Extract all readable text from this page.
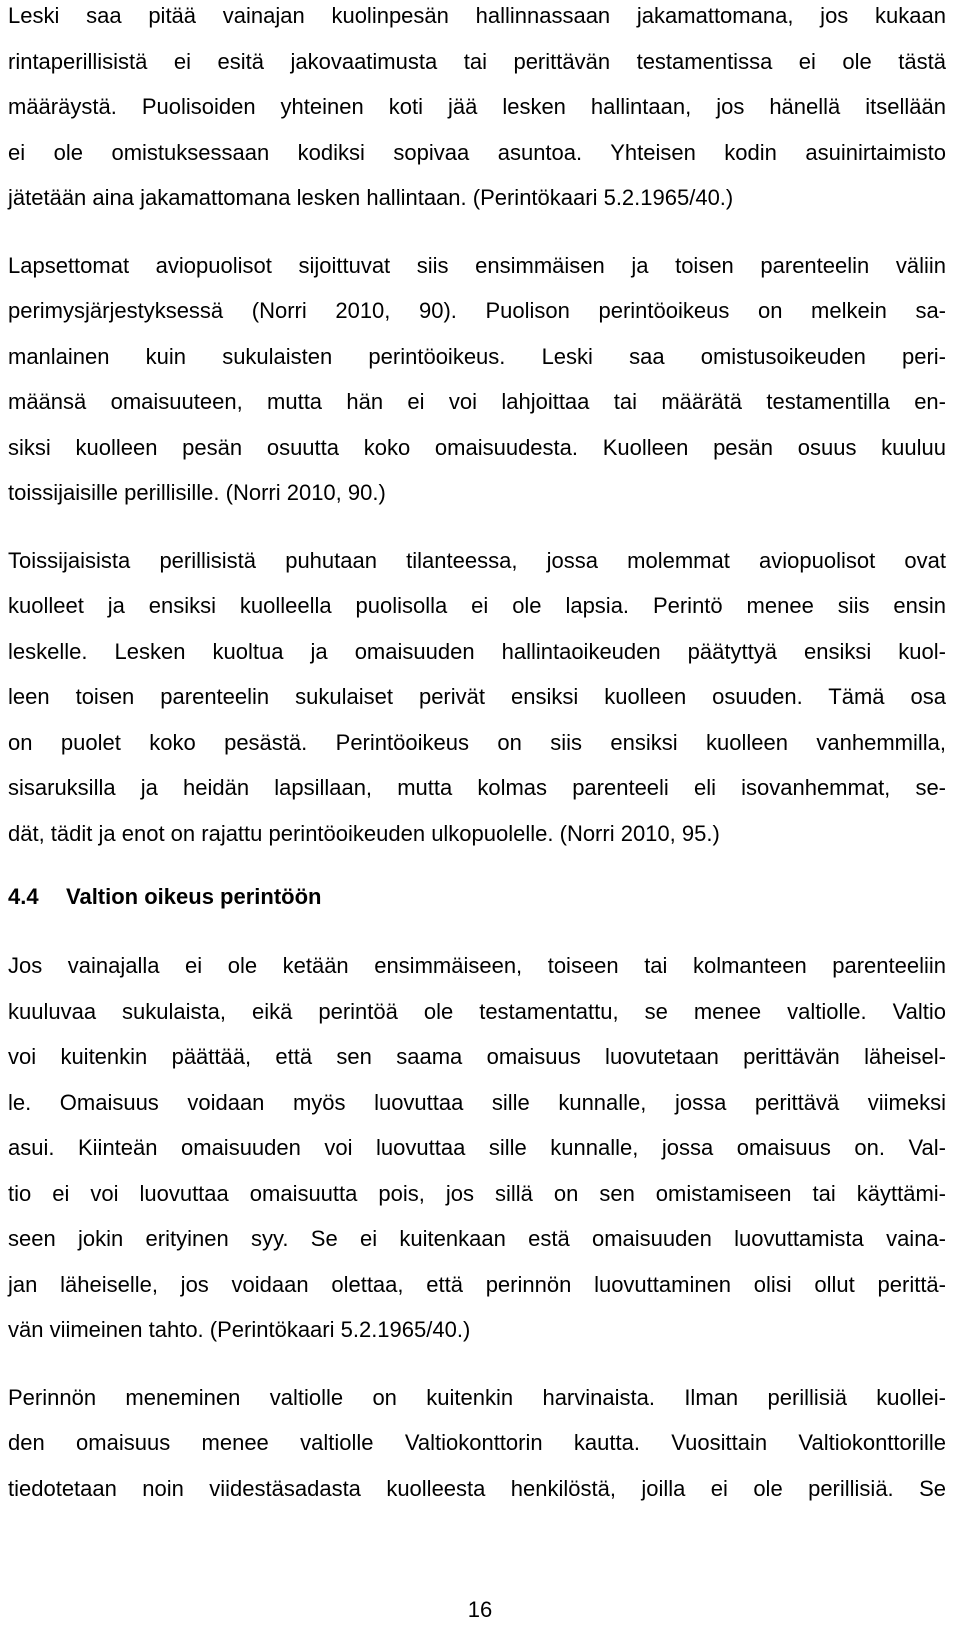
Leski saa pitää vainajan kuolinpesän hallinnassaan jakamattomana, jos kukaan
rintaperillisistä ei esitä jakovaatimusta tai perittävän testamentissa ei ole tästä
määräystä. Puolisoiden yhteinen koti jää lesken hallintaan, jos hänellä itsellään
ei ole omistuksessaan kodiksi sopivaa asuntoa. Yhteisen kodin asuinirtaimisto
jätetään aina jakamattomana lesken hallintaan. (Perintökaari 5.2.1965/40.)
Lapsettomat aviopuolisot sijoittuvat siis ensimmäisen ja toisen parenteelin väliin
perimysjärjestyksessä (Norri 2010, 90). Puolison perintöoikeus on melkein sa-
manlainen kuin sukulaisten perintöoikeus. Leski saa omistusoikeuden peri-
määnsä omaisuuteen, mutta hän ei voi lahjoittaa tai määrätä testamentilla en-
siksi kuolleen pesän osuutta koko omaisuudesta. Kuolleen pesän osuus kuuluu
toissijaisille perillisille. (Norri 2010, 90.)
Toissijaisista perillisistä puhutaan tilanteessa, jossa molemmat aviopuolisot ovat
kuolleet ja ensiksi kuolleella puolisolla ei ole lapsia. Perintö menee siis ensin
leskelle. Lesken kuoltua ja omaisuuden hallintaoikeuden päätyttyä ensiksi kuol-
leen toisen parenteelin sukulaiset perivät ensiksi kuolleen osuuden. Tämä osa
on puolet koko pesästä. Perintöoikeus on siis ensiksi kuolleen vanhemmilla,
sisaruksilla ja heidän lapsillaan, mutta kolmas parenteeli eli isovanhemmat, se-
dät, tädit ja enot on rajattu perintöoikeuden ulkopuolelle. (Norri 2010, 95.)
4.4 Valtion oikeus perintöön
Jos vainajalla ei ole ketään ensimmäiseen, toiseen tai kolmanteen parenteeliin
kuuluvaa sukulaista, eikä perintöä ole testamentattu, se menee valtiolle. Valtio
voi kuitenkin päättää, että sen saama omaisuus luovutetaan perittävän läheisel-
le. Omaisuus voidaan myös luovuttaa sille kunnalle, jossa perittävä viimeksi
asui. Kiinteän omaisuuden voi luovuttaa sille kunnalle, jossa omaisuus on. Val-
tio ei voi luovuttaa omaisuutta pois, jos sillä on sen omistamiseen tai käyttämi-
seen jokin erityinen syy. Se ei kuitenkaan estä omaisuuden luovuttamista vaina-
jan läheiselle, jos voidaan olettaa, että perinnön luovuttaminen olisi ollut perittä-
vän viimeinen tahto. (Perintökaari 5.2.1965/40.)
Perinnön meneminen valtiolle on kuitenkin harvinaista. Ilman perillisiä kuollei-
den omaisuus menee valtiolle Valtiokonttorin kautta. Vuosittain Valtiokonttorille
tiedotetaan noin viidestäsadasta kuolleesta henkilöstä, joilla ei ole perillisiä. Se
16
